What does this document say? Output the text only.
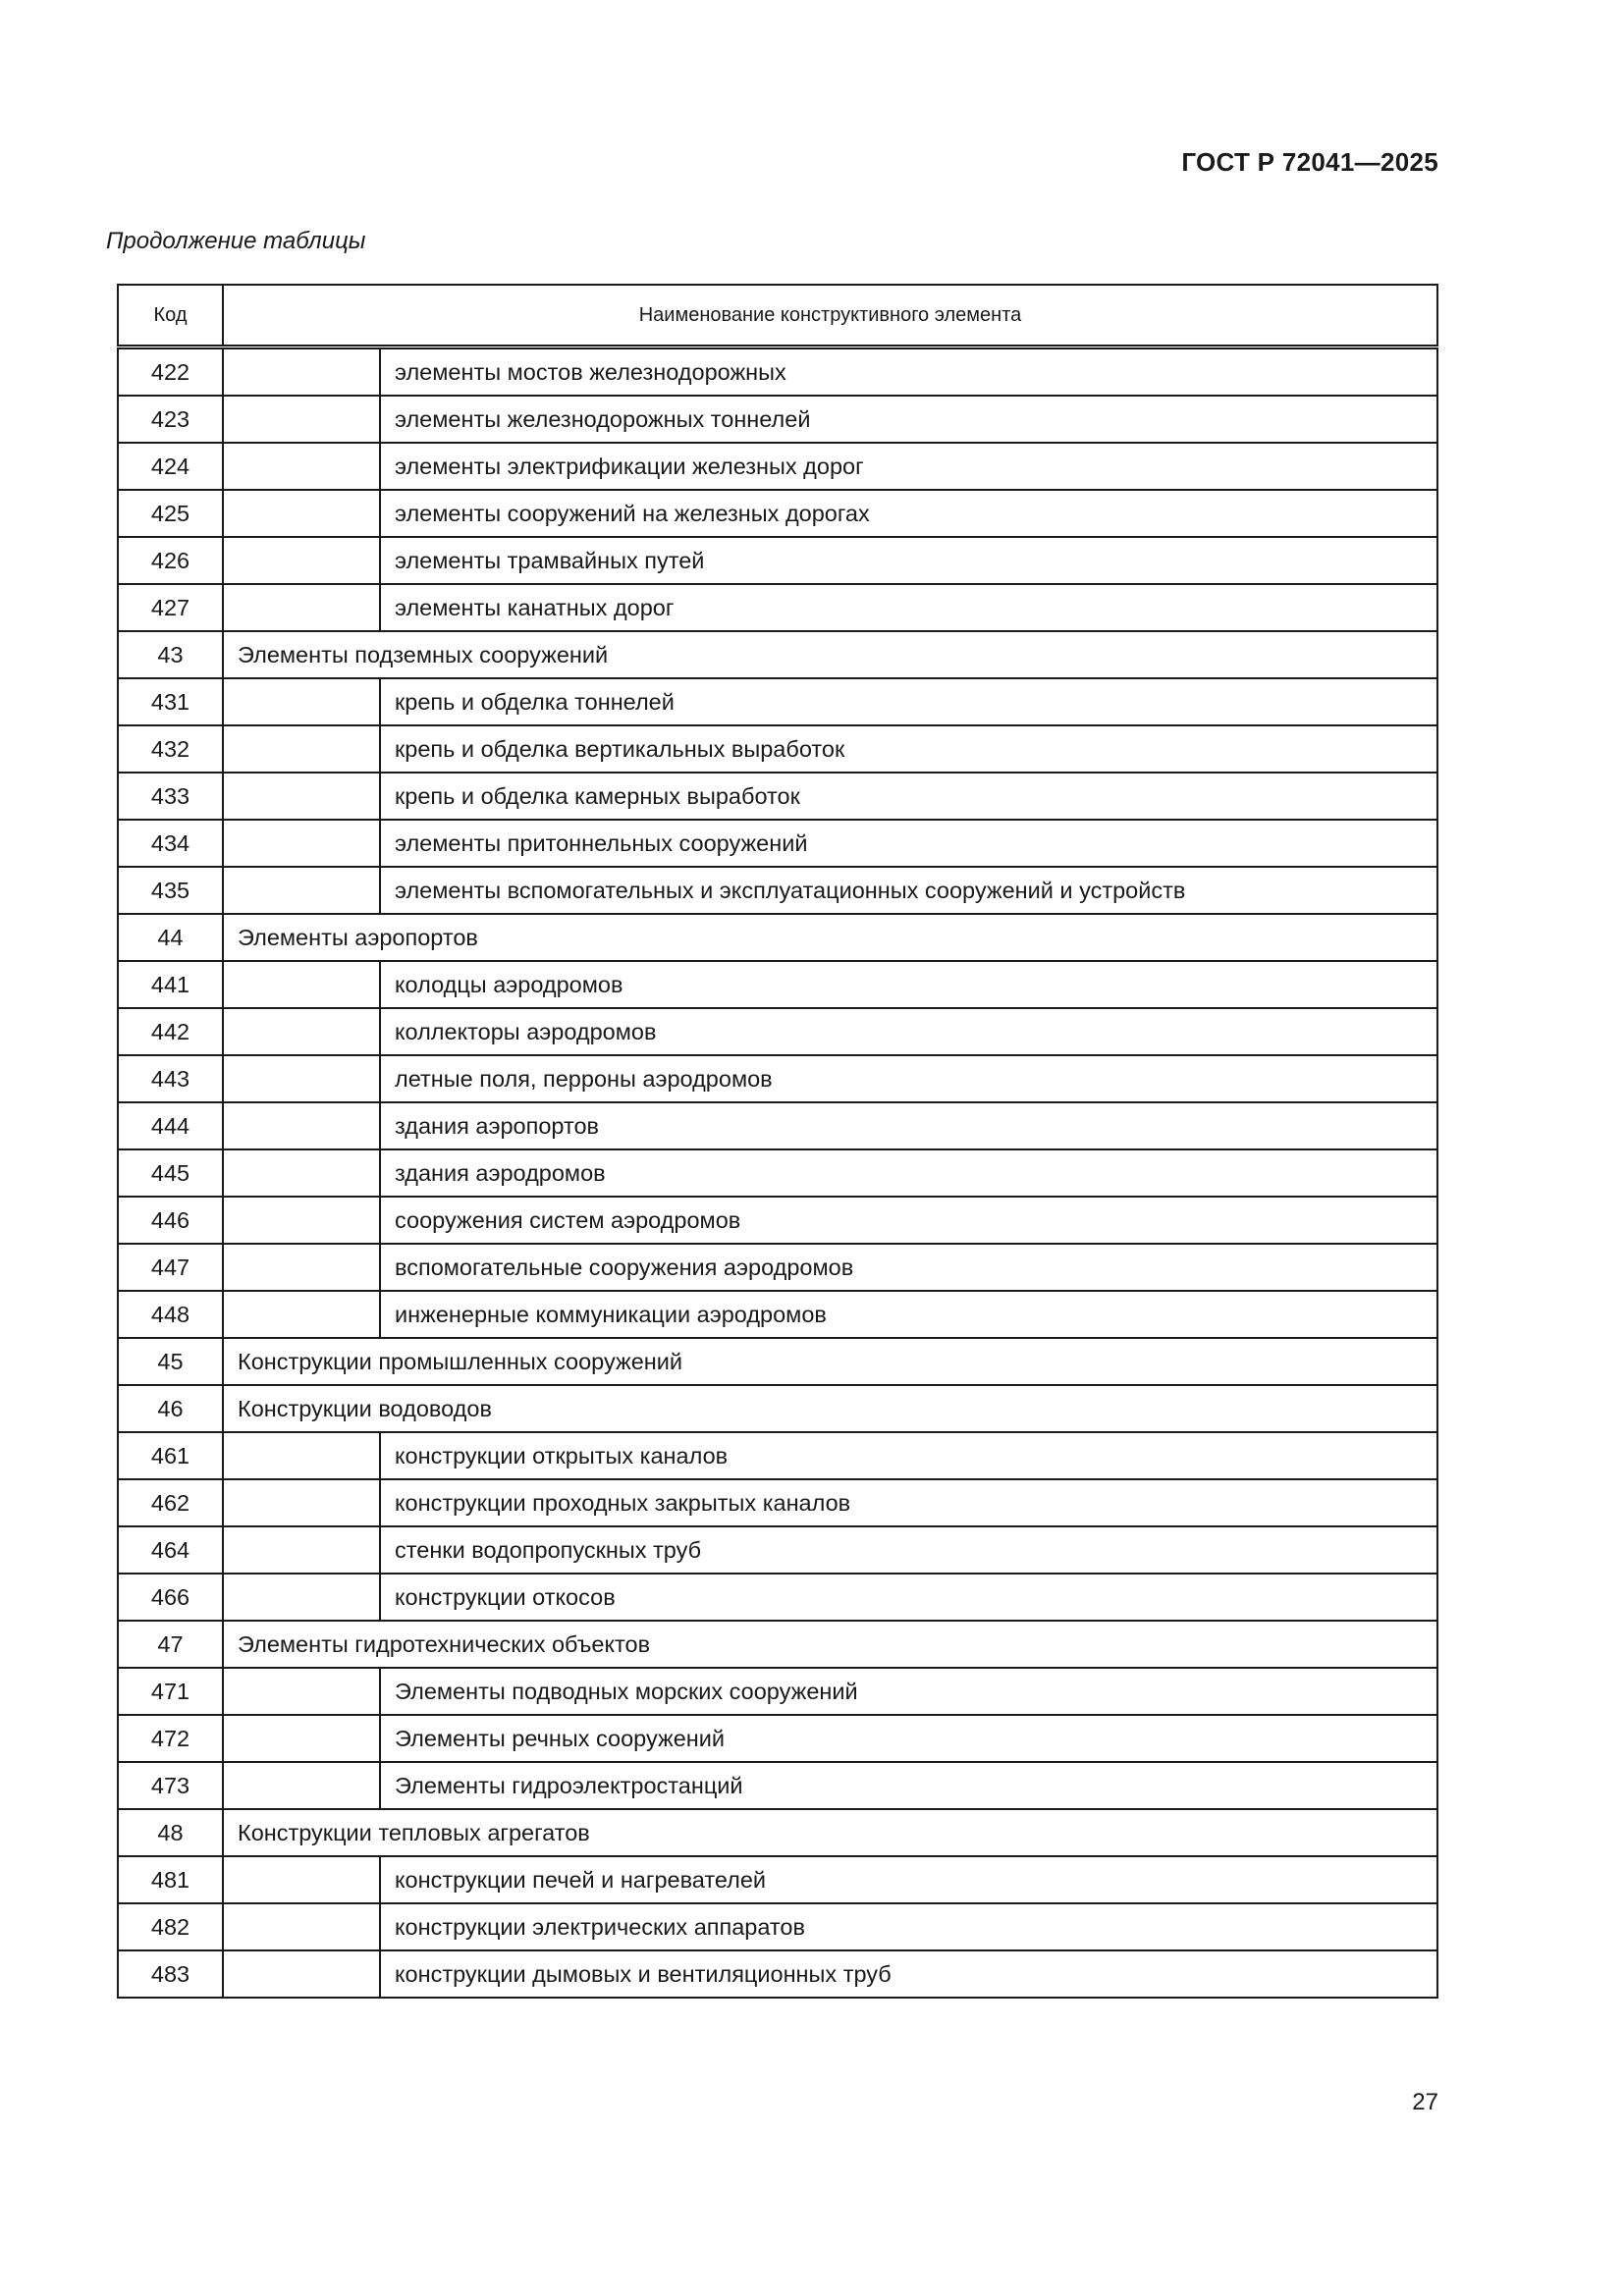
ГОСТ Р 72041—2025
Продолжение таблицы
Код	Наименование конструктивного элемента	
422		элементы мостов железнодорожных
423		элементы железнодорожных тоннелей
424		элементы электрификации железных дорог
425		элементы сооружений на железных дорогах
426		элементы трамвайных путей
427		элементы канатных дорог
43	Элементы подземных сооружений	
431		крепь и обделка тоннелей
432		крепь и обделка вертикальных выработок
433		крепь и обделка камерных выработок
434		элементы притоннельных сооружений
435		элементы вспомогательных и эксплуатационных сооружений и устройств
44	Элементы аэропортов	
441		колодцы аэродромов
442		коллекторы аэродромов
443		летные поля, перроны аэродромов
444		здания аэропортов
445		здания аэродромов
446		сооружения систем аэродромов
447		вспомогательные сооружения аэродромов
448		инженерные коммуникации аэродромов
45	Конструкции промышленных сооружений	
46	Конструкции водоводов	
461		конструкции открытых каналов
462		конструкции проходных закрытых каналов
464		стенки водопропускных труб
466		конструкции откосов
47	Элементы гидротехнических объектов	
471		Элементы подводных морских сооружений
472		Элементы речных сооружений
473		Элементы гидроэлектростанций
48	Конструкции тепловых агрегатов	
481		конструкции печей и нагревателей
482		конструкции электрических аппаратов
483		конструкции дымовых и вентиляционных труб
27
